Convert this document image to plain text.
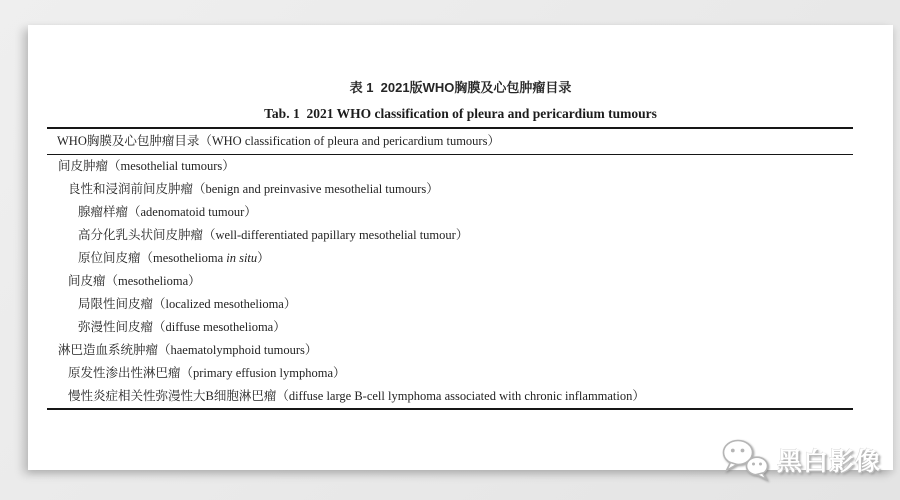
表 1  2021版WHO胸膜及心包肿瘤目录
Tab. 1  2021 WHO classification of pleura and pericardium tumours
WHO胸膜及心包肿瘤目录（WHO classification of pleura and pericardium tumours）
间皮肿瘤（mesothelial tumours）
良性和浸润前间皮肿瘤（benign and preinvasive mesothelial tumours）
腺瘤样瘤（adenomatoid tumour）
高分化乳头状间皮肿瘤（well-differentiated papillary mesothelial tumour）
原位间皮瘤（mesothelioma in situ）
间皮瘤（mesothelioma）
局限性间皮瘤（localized mesothelioma）
弥漫性间皮瘤（diffuse mesothelioma）
淋巴造血系统肿瘤（haematolymphoid tumours）
原发性渗出性淋巴瘤（primary effusion lymphoma）
慢性炎症相关性弥漫性大B细胞淋巴瘤（diffuse large B-cell lymphoma associated with chronic inflammation）
黑白影像
